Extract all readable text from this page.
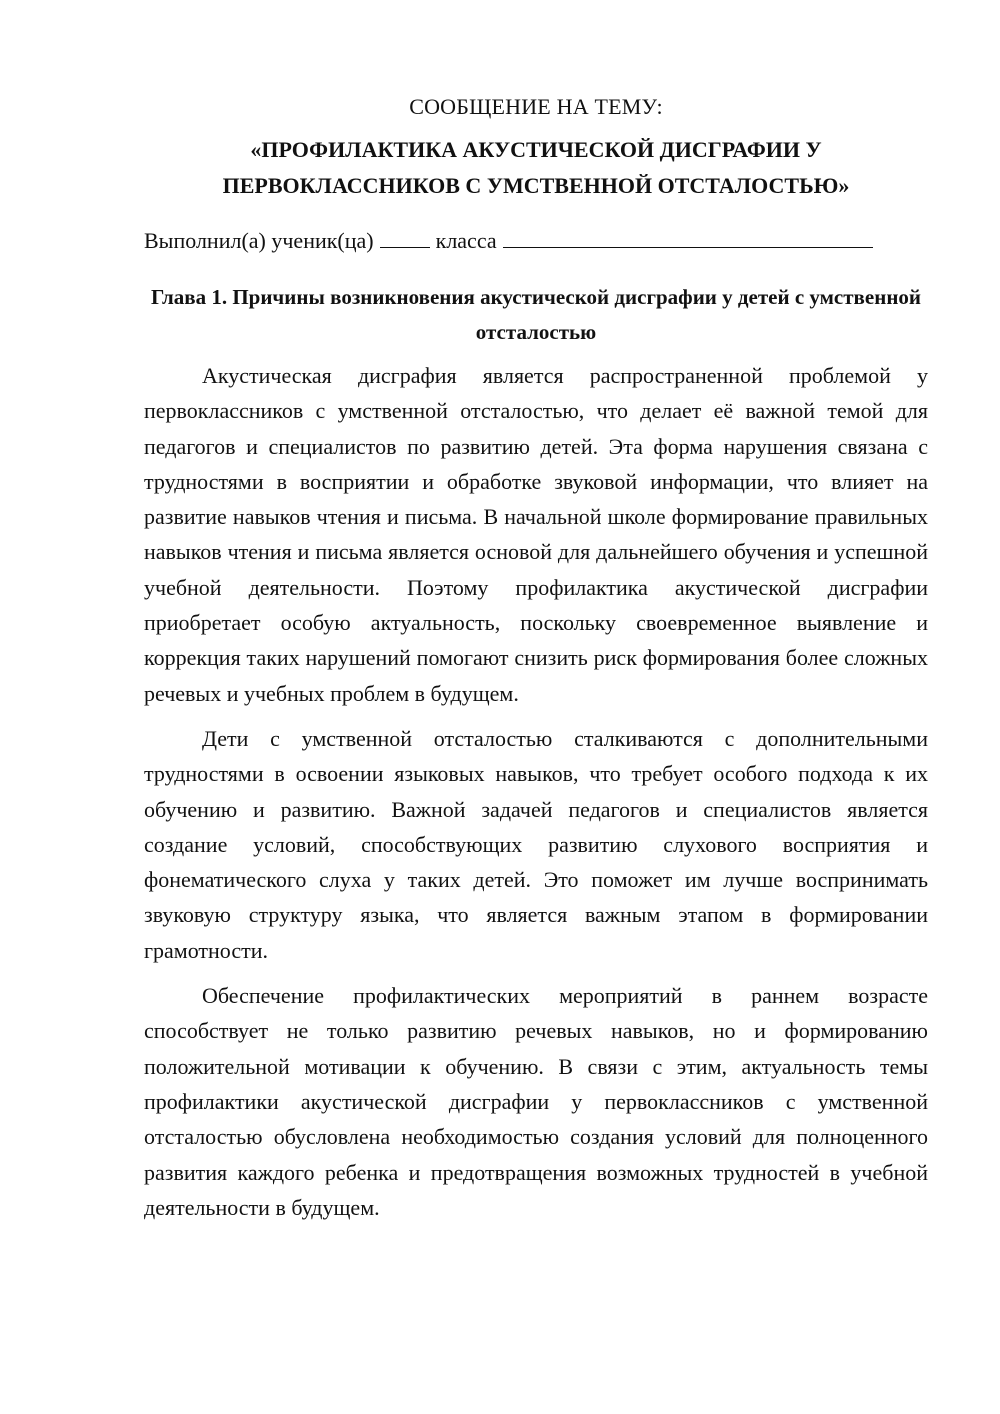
СООБЩЕНИЕ НА ТЕМУ:

«ПРОФИЛАКТИКА АКУСТИЧЕСКОЙ ДИСГРАФИИ У ПЕРВОКЛАССНИКОВ С УМСТВЕННОЙ ОТСТАЛОСТЬЮ»

Выполнил(а) ученик(ца)	класса

Глава 1. Причины возникновения акустической дисграфии у детей с умственной отсталостью

Акустическая дисграфия является распространенной проблемой у первоклассников с умственной отсталостью, что делает её важной темой для педагогов и специалистов по развитию детей. Эта форма нарушения связана с трудностями в восприятии и обработке звуковой информации, что влияет на развитие навыков чтения и письма. В начальной школе формирование правильных навыков чтения и письма является основой для дальнейшего обучения и успешной учебной деятельности. Поэтому профилактика акустической дисграфии приобретает особую актуальность, поскольку своевременное выявление и коррекция таких нарушений помогают снизить риск формирования более сложных речевых и учебных проблем в будущем.

Дети с умственной отсталостью сталкиваются с дополнительными трудностями в освоении языковых навыков, что требует особого подхода к их обучению и развитию. Важной задачей педагогов и специалистов является создание условий, способствующих развитию слухового восприятия и фонематического слуха у таких детей. Это поможет им лучше воспринимать звуковую структуру языка, что является важным этапом в формировании грамотности.

Обеспечение профилактических мероприятий в раннем возрасте способствует не только развитию речевых навыков, но и формированию положительной мотивации к обучению. В связи с этим, актуальность темы профилактики акустической дисграфии у первоклассников с умственной отсталостью обусловлена необходимостью создания условий для полноценного развития каждого ребенка и предотвращения возможных трудностей в учебной деятельности в будущем.
